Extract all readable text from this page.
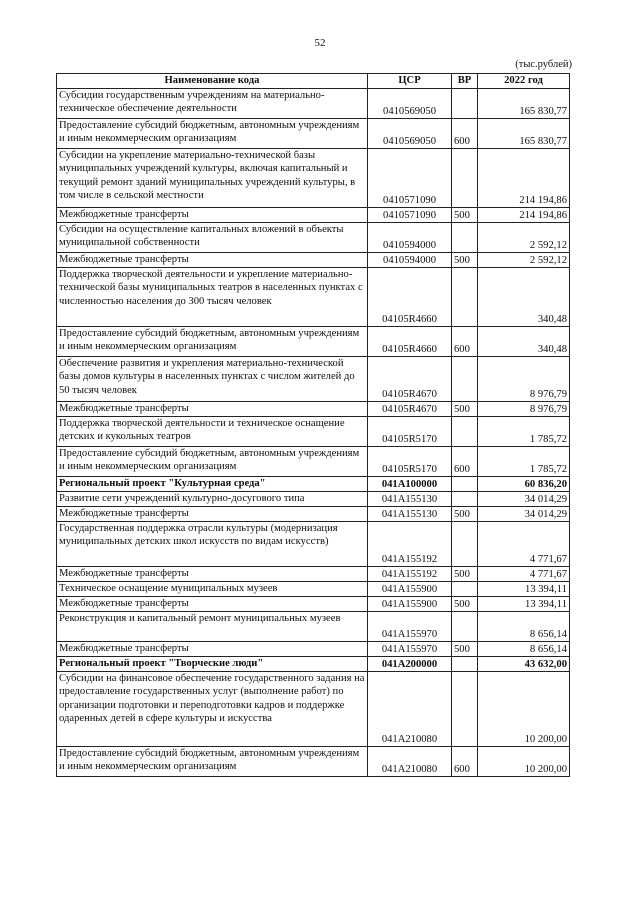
52
(тыс.рублей)
Наименование кода	ЦСР	ВР	2022 год
Субсидии государственным учреждениям на материально-техническое обеспечение деятельности	0410569050		165 830,77
Предоставление субсидий бюджетным, автономным учреждениям и иным некоммерческим организациям	0410569050	600	165 830,77
Субсидии на укрепление материально-технической базы муниципальных учреждений культуры, включая капитальный и текущий ремонт зданий муниципальных учреждений культуры, в том числе в сельской местности	0410571090		214 194,86
Межбюджетные трансферты	0410571090	500	214 194,86
Субсидии на осуществление капитальных вложений в объекты муниципальной собственности	0410594000		2 592,12
Межбюджетные трансферты	0410594000	500	2 592,12
Поддержка творческой деятельности и укрепление материально-технической базы муниципальных театров в населенных пунктах с численностью населения до 300 тысяч человек	04105R4660		340,48
Предоставление субсидий бюджетным, автономным учреждениям и иным некоммерческим организациям	04105R4660	600	340,48
Обеспечение развития и укрепления материально-технической базы домов культуры в населенных пунктах с числом жителей до 50 тысяч человек	04105R4670		8 976,79
Межбюджетные трансферты	04105R4670	500	8 976,79
Поддержка творческой деятельности и техническое оснащение детских и кукольных театров	04105R5170		1 785,72
Предоставление субсидий бюджетным, автономным учреждениям и иным некоммерческим организациям	04105R5170	600	1 785,72
Региональный проект "Культурная среда"	041A100000		60 836,20
Развитие сети учреждений культурно-досугового типа	041A155130		34 014,29
Межбюджетные трансферты	041A155130	500	34 014,29
Государственная поддержка отрасли культуры (модернизация муниципальных детских школ искусств по видам искусств)	041A155192		4 771,67
Межбюджетные трансферты	041A155192	500	4 771,67
Техническое оснащение муниципальных музеев	041A155900		13 394,11
Межбюджетные трансферты	041A155900	500	13 394,11
Реконструкция и капитальный ремонт муниципальных музеев	041A155970		8 656,14
Межбюджетные трансферты	041A155970	500	8 656,14
Региональный проект "Творческие люди"	041A200000		43 632,00
Субсидии на финансовое обеспечение государственного задания на предоставление государственных услуг (выполнение работ) по организации подготовки и переподготовки кадров и поддержке одаренных детей в сфере культуры и искусства	041A210080		10 200,00
Предоставление субсидий бюджетным, автономным учреждениям и иным некоммерческим организациям	041A210080	600	10 200,00
